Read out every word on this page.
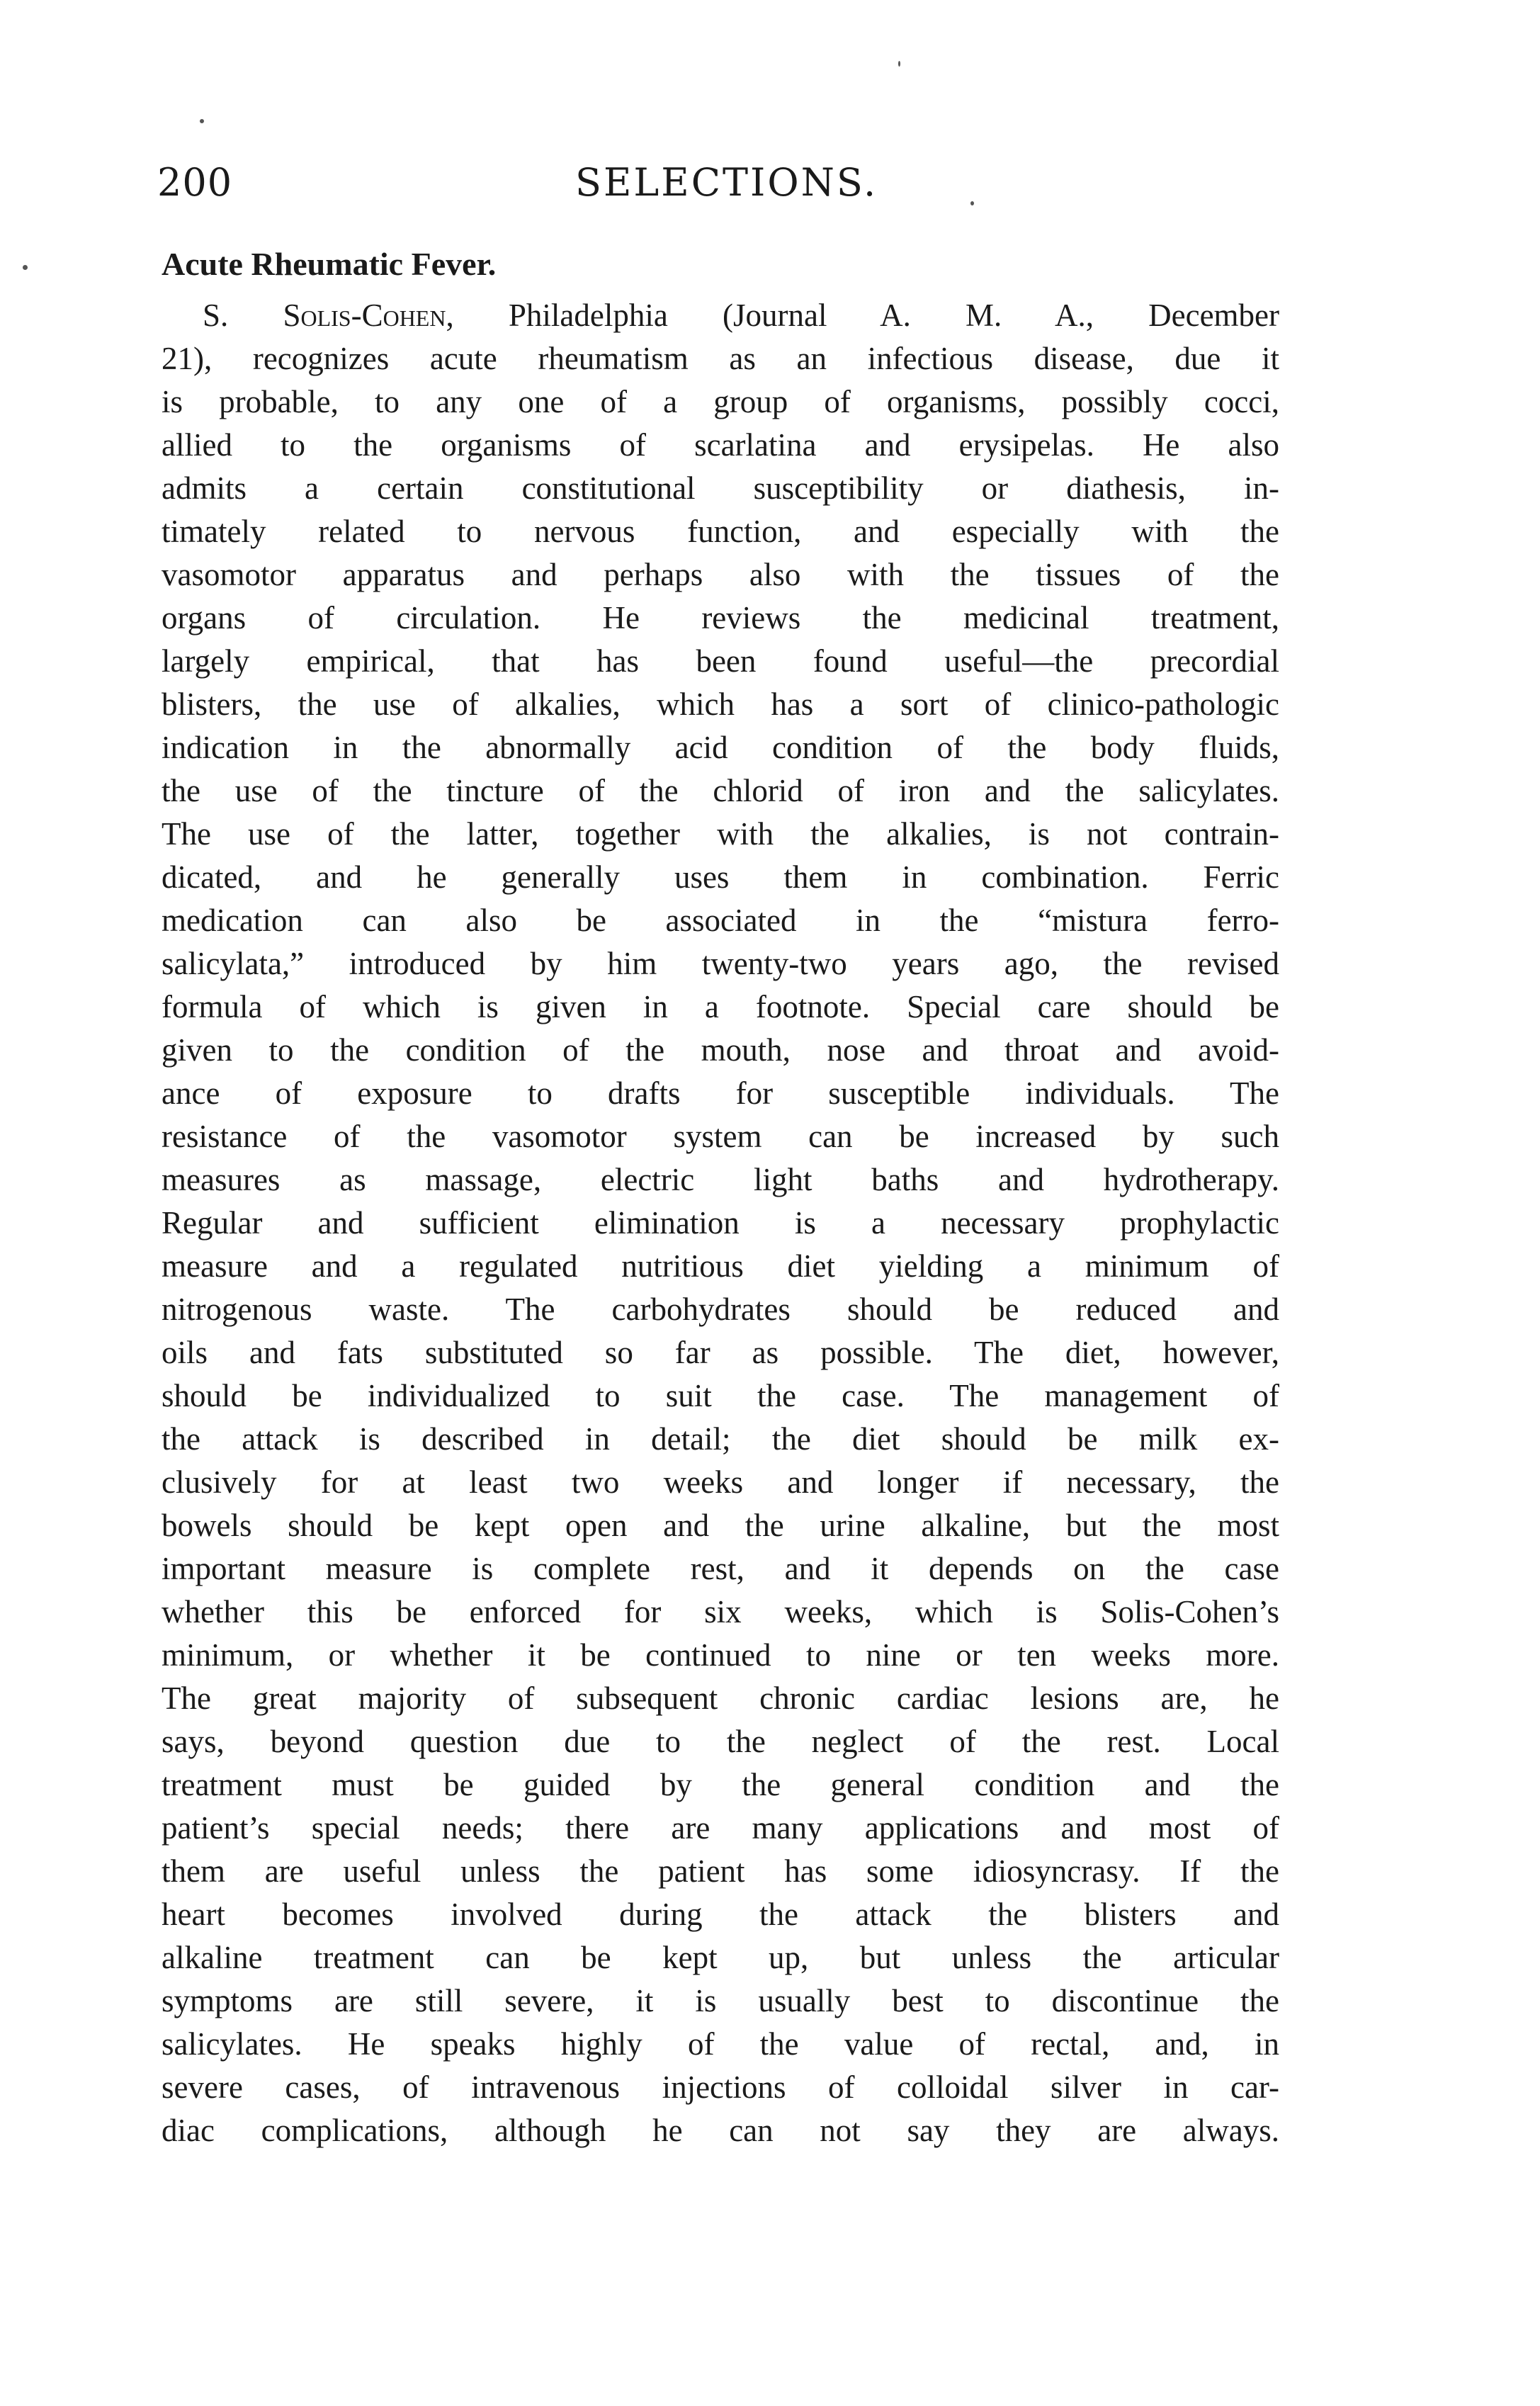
200	SELECTIONS.
Acute Rheumatic Fever.
S. Solis-Cohen, Philadelphia (Journal A. M. A., December
21), recognizes acute rheumatism as an infectious disease, due it
is probable, to any one of a group of organisms, possibly cocci,
allied to the organisms of scarlatina and erysipelas. He also
admits a certain constitutional susceptibility or diathesis, in-
timately related to nervous function, and especially with the
vasomotor apparatus and perhaps also with the tissues of the
organs of circulation. He reviews the medicinal treatment,
largely empirical, that has been found useful—the precordial
blisters, the use of alkalies, which has a sort of clinico-pathologic
indication in the abnormally acid condition of the body fluids,
the use of the tincture of the chlorid of iron and the salicylates.
The use of the latter, together with the alkalies, is not contrain-
dicated, and he generally uses them in combination. Ferric
medication can also be associated in the “mistura ferro-
salicylata,” introduced by him twenty-two years ago, the revised
formula of which is given in a footnote. Special care should be
given to the condition of the mouth, nose and throat and avoid-
ance of exposure to drafts for susceptible individuals. The
resistance of the vasomotor system can be increased by such
measures as massage, electric light baths and hydrotherapy.
Regular and sufficient elimination is a necessary prophylactic
measure and a regulated nutritious diet yielding a minimum of
nitrogenous waste. The carbohydrates should be reduced and
oils and fats substituted so far as possible. The diet, however,
should be individualized to suit the case. The management of
the attack is described in detail; the diet should be milk ex-
clusively for at least two weeks and longer if necessary, the
bowels should be kept open and the urine alkaline, but the most
important measure is complete rest, and it depends on the case
whether this be enforced for six weeks, which is Solis-Cohen’s
minimum, or whether it be continued to nine or ten weeks more.
The great majority of subsequent chronic cardiac lesions are, he
says, beyond question due to the neglect of the rest. Local
treatment must be guided by the general condition and the
patient’s special needs; there are many applications and most of
them are useful unless the patient has some idiosyncrasy. If the
heart becomes involved during the attack the blisters and
alkaline treatment can be kept up, but unless the articular
symptoms are still severe, it is usually best to discontinue the
salicylates. He speaks highly of the value of rectal, and, in
severe cases, of intravenous injections of colloidal silver in car-
diac complications, although he can not say they are always.
